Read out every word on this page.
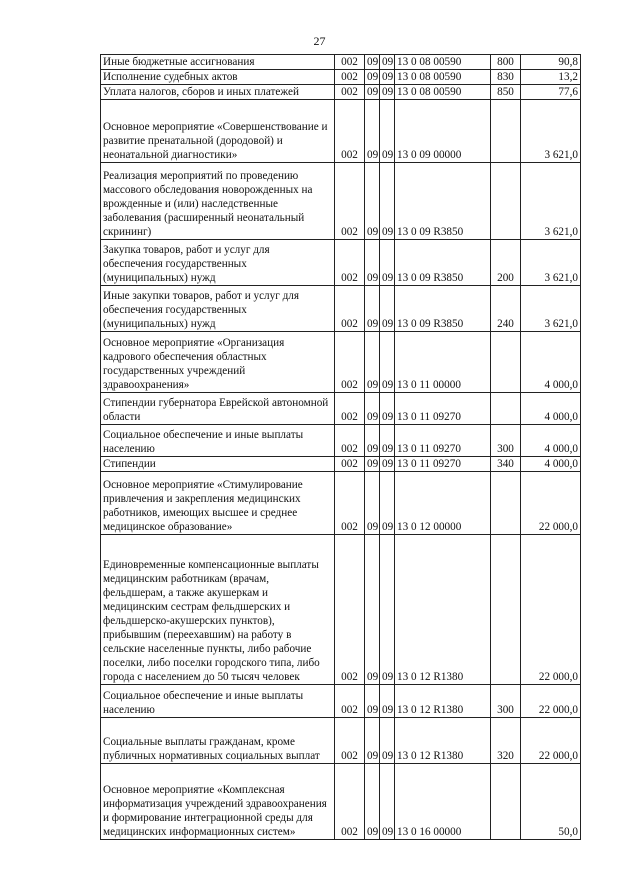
27
Иные бюджетные ассигнования	002	09	09	13 0 08 00590	800	90,8
Исполнение судебных актов	002	09	09	13 0 08 00590	830	13,2
Уплата налогов, сборов и иных платежей	002	09	09	13 0 08 00590	850	77,6
Основное мероприятие «Совершенствование и развитие пренатальной (дородовой) и неонатальной диагностики»	002	09	09	13 0 09 00000		3 621,0
Реализация мероприятий по проведению массового обследования новорожденных на врожденные и (или) наследственные заболевания (расширенный неонатальный скрининг)	002	09	09	13 0 09 R3850		3 621,0
Закупка товаров, работ и услуг для обеспечения государственных (муниципальных) нужд	002	09	09	13 0 09 R3850	200	3 621,0
Иные закупки товаров, работ и услуг для обеспечения государственных (муниципальных) нужд	002	09	09	13 0 09 R3850	240	3 621,0
Основное мероприятие «Организация кадрового обеспечения областных государственных учреждений здравоохранения»	002	09	09	13 0 11 00000		4 000,0
Стипендии губернатора Еврейской автономной области	002	09	09	13 0 11 09270		4 000,0
Социальное обеспечение и иные выплаты населению	002	09	09	13 0 11 09270	300	4 000,0
Стипендии	002	09	09	13 0 11 09270	340	4 000,0
Основное мероприятие «Стимулирование привлечения и закрепления медицинских работников, имеющих высшее и среднее медицинское образование»	002	09	09	13 0 12 00000		22 000,0
Единовременные компенсационные выплаты медицинским работникам (врачам, фельдшерам, а также акушеркам и медицинским сестрам фельдшерских и фельдшерско-акушерских пунктов), прибывшим (переехавшим) на работу в сельские населенные пункты, либо рабочие поселки, либо поселки городского типа, либо города с населением до 50 тысяч человек	002	09	09	13 0 12 R1380		22 000,0
Социальное обеспечение и иные выплаты населению	002	09	09	13 0 12 R1380	300	22 000,0
Социальные выплаты гражданам, кроме публичных нормативных социальных выплат	002	09	09	13 0 12 R1380	320	22 000,0
Основное мероприятие «Комплексная информатизация учреждений здравоохранения и формирование интеграционной среды для медицинских информационных систем»	002	09	09	13 0 16 00000		50,0
